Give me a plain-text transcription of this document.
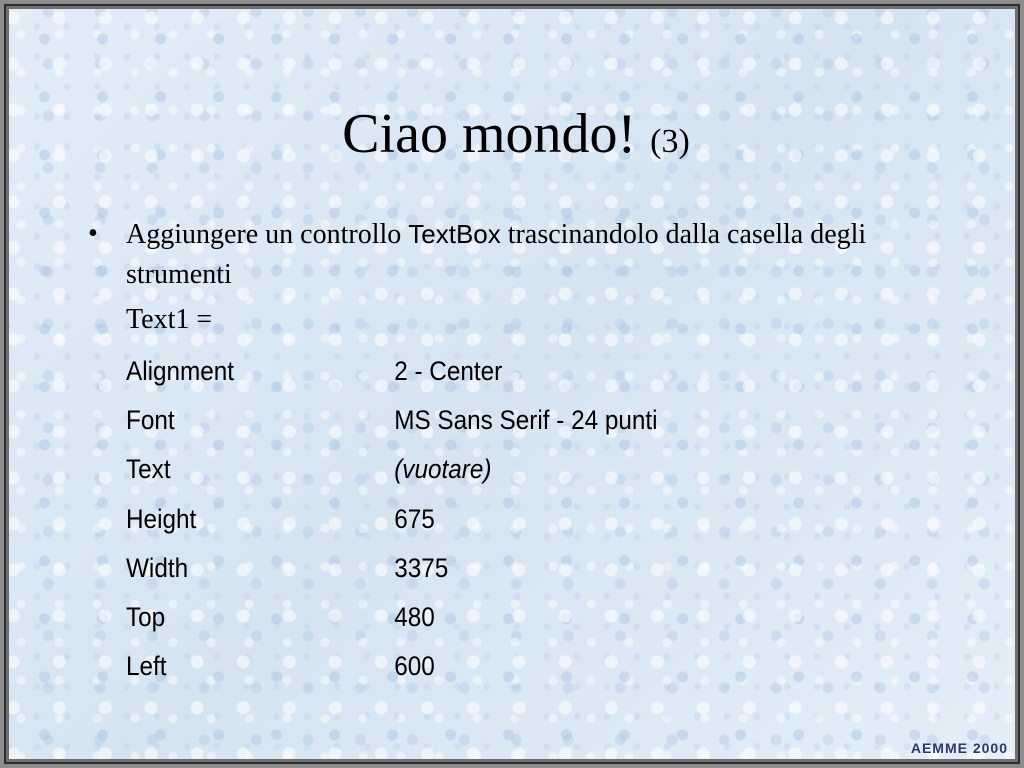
Ciao mondo! (3)
• Aggiungere un controllo TextBox trascinandolo dalla casella degli strumenti
Text1 =
Alignment	2 - Center
Font	MS Sans Serif - 24 punti
Text	(vuotare)
Height	675
Width	3375
Top	480
Left	600
AEMME 2000
